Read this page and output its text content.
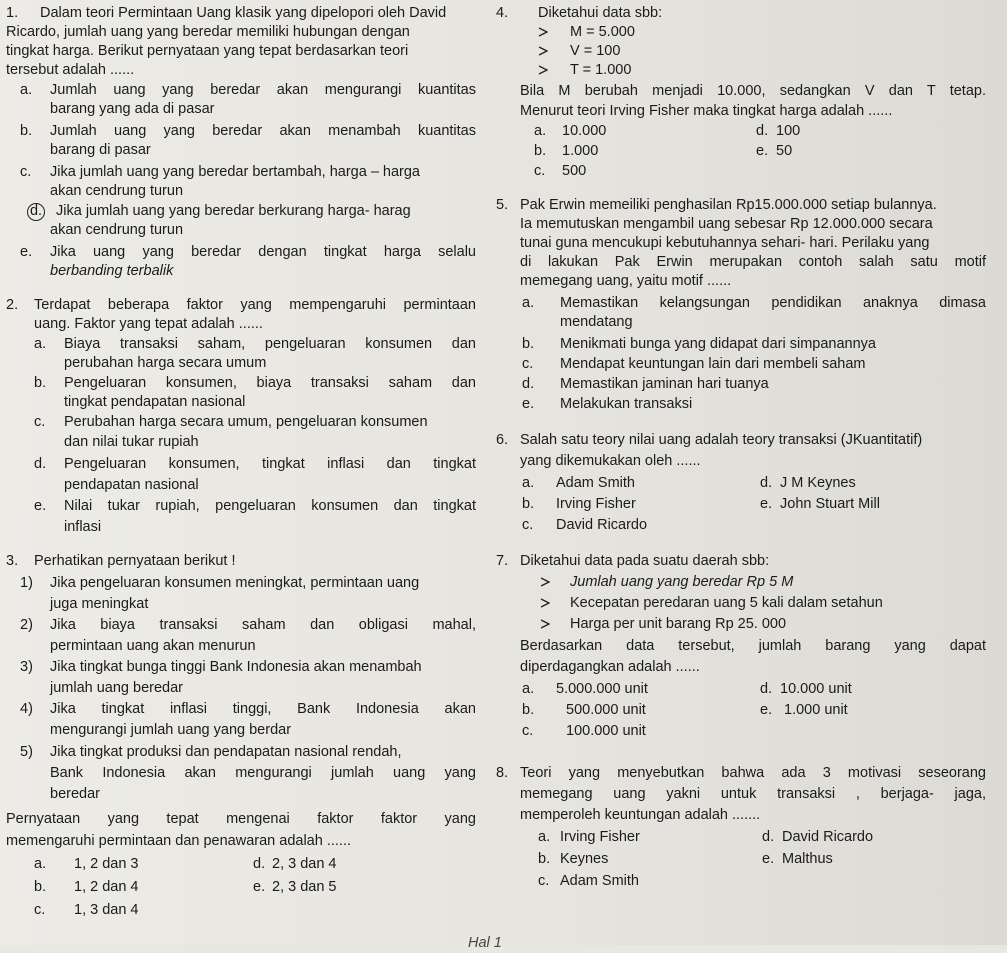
1. Dalam teori Permintaan Uang klasik yang dipelopori oleh David
Ricardo, jumlah uang yang beredar memiliki hubungan dengan
tingkat harga. Berikut pernyataan yang tepat berdasarkan teori
tersebut adalah ......
a. Jumlah uang yang beredar akan mengurangi kuantitas
barang yang ada di pasar
b. Jumlah uang yang beredar akan menambah kuantitas
barang di pasar
c. Jika jumlah uang yang beredar bertambah, harga – harga
akan cendrung turun
d. Jika jumlah uang yang beredar berkurang harga- harag
akan cendrung turun
e. Jika uang yang beredar dengan tingkat harga selalu
berbanding terbalik
2. Terdapat beberapa faktor yang mempengaruhi permintaan
uang. Faktor yang tepat adalah ......
a. Biaya transaksi saham, pengeluaran konsumen dan
perubahan harga secara umum
b. Pengeluaran konsumen, biaya transaksi saham dan
tingkat pendapatan nasional
c. Perubahan harga secara umum, pengeluaran konsumen
dan nilai tukar rupiah
d. Pengeluaran konsumen, tingkat inflasi dan tingkat
pendapatan nasional
e. Nilai tukar rupiah, pengeluaran konsumen dan tingkat
inflasi
3. Perhatikan pernyataan berikut !
1) Jika pengeluaran konsumen meningkat, permintaan uang
juga meningkat
2) Jika biaya transaksi saham dan obligasi mahal,
permintaan uang akan menurun
3) Jika tingkat bunga tinggi Bank Indonesia akan menambah
jumlah uang beredar
4) Jika tingkat inflasi tinggi, Bank Indonesia akan
mengurangi jumlah uang yang berdar
5) Jika tingkat produksi dan pendapatan nasional rendah,
Bank Indonesia akan mengurangi jumlah uang yang
beredar
Pernyataan yang tepat mengenai faktor faktor yang
memengaruhi permintaan dan penawaran adalah ......
a. 1, 2 dan 3
b. 1, 2 dan 4
c. 1, 3 dan 4
d. 2, 3 dan 4
e. 2, 3 dan 5
4. Diketahui data sbb:
M = 5.000
V = 100
T = 1.000
Bila M berubah menjadi 10.000, sedangkan V dan T tetap.
Menurut teori Irving Fisher maka tingkat harga adalah ......
a. 10.000
b. 1.000
c. 500
d. 100
e. 50
5. Pak Erwin memeiliki penghasilan Rp15.000.000 setiap bulannya.
Ia memutuskan mengambil uang sebesar Rp 12.000.000 secara
tunai guna mencukupi kebutuhannya sehari- hari. Perilaku yang
di lakukan Pak Erwin merupakan contoh salah satu motif
memegang uang, yaitu motif ......
a. Memastikan kelangsungan pendidikan anaknya dimasa
mendatang
b. Menikmati bunga yang didapat dari simpanannya
c. Mendapat keuntungan lain dari membeli saham
d. Memastikan jaminan hari tuanya
e. Melakukan transaksi
6. Salah satu teory nilai uang adalah teory transaksi (JKuantitatif)
yang dikemukakan oleh ......
a. Adam Smith
b. Irving Fisher
c. David Ricardo
d. J M Keynes
e. John Stuart Mill
7. Diketahui data pada suatu daerah sbb:
Jumlah uang yang beredar Rp 5 M
Kecepatan peredaran uang 5 kali dalam setahun
Harga per unit barang Rp 25. 000
Berdasarkan data tersebut, jumlah barang yang dapat
diperdagangkan adalah ......
a. 5.000.000 unit
b. 500.000 unit
c. 100.000 unit
d. 10.000 unit
e. 1.000 unit
8. Teori yang menyebutkan bahwa ada 3 motivasi seseorang
memegang uang yakni untuk transaksi , berjaga- jaga,
memperoleh keuntungan adalah .......
a. Irving Fisher
b. Keynes
c. Adam Smith
d. David Ricardo
e. Malthus
Hal 1
